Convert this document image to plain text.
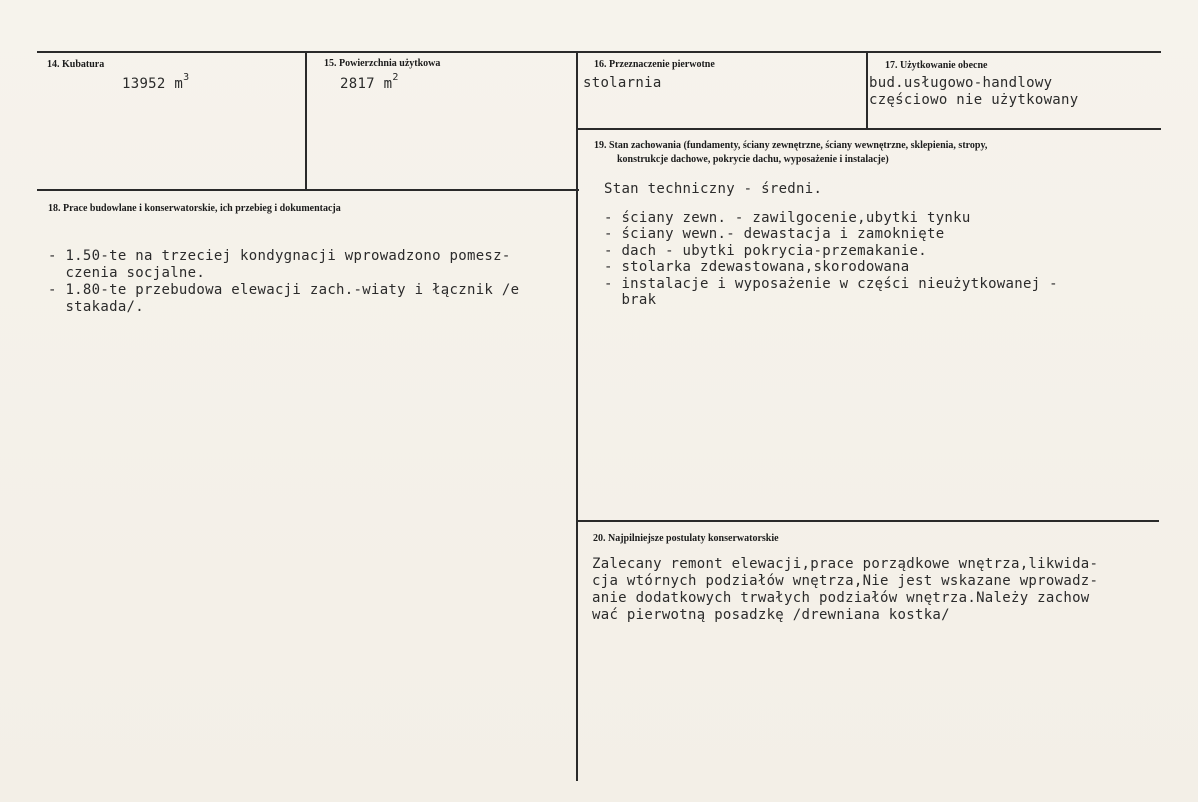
14. Kubatura
13952 $m^3$
15. Powierzchnia użytkowa
2817 $m^2$
16. Przeznaczenie pierwotne
stolarnia
17. Użytkowanie obecne
bud.usługowo-handlowy
częściowo nie użytkowany
18. Prace budowlane i konserwatorskie, ich przebieg i dokumentacja
- 1.50-te na trzeciej kondygnacji wprowadzono pomesz-
czenia socjalne.
- 1.80-te przebudowa elewacji zach.-wiaty i łącznik /e
stakada/.
19. Stan zachowania (fundamenty, ściany zewnętrzne, ściany wewnętrzne, sklepienia, stropy,
konstrukcje dachowe, pokrycie dachu, wyposażenie i instalacje)
Stan techniczny - średni.
- ściany zewn. - zawilgocenie,ubytki tynku
- ściany wewn.- dewastacja i zamoknięte
- dach - ubytki pokrycia-przemakanie.
- stolarka zdewastowana,skorodowana
- instalacje i wyposażenie w części nieużytkowanej -
brak
20. Najpilniejsze postulaty konserwatorskie
Zalecany remont elewacji,prace porządkowe wnętrza,likwida-
cja wtórnych podziałów wnętrza,Nie jest wskazane wprowadz-
anie dodatkowych trwałych podziałów wnętrza.Należy zachow
wać pierwotną posadzkę /drewniana kostka/
